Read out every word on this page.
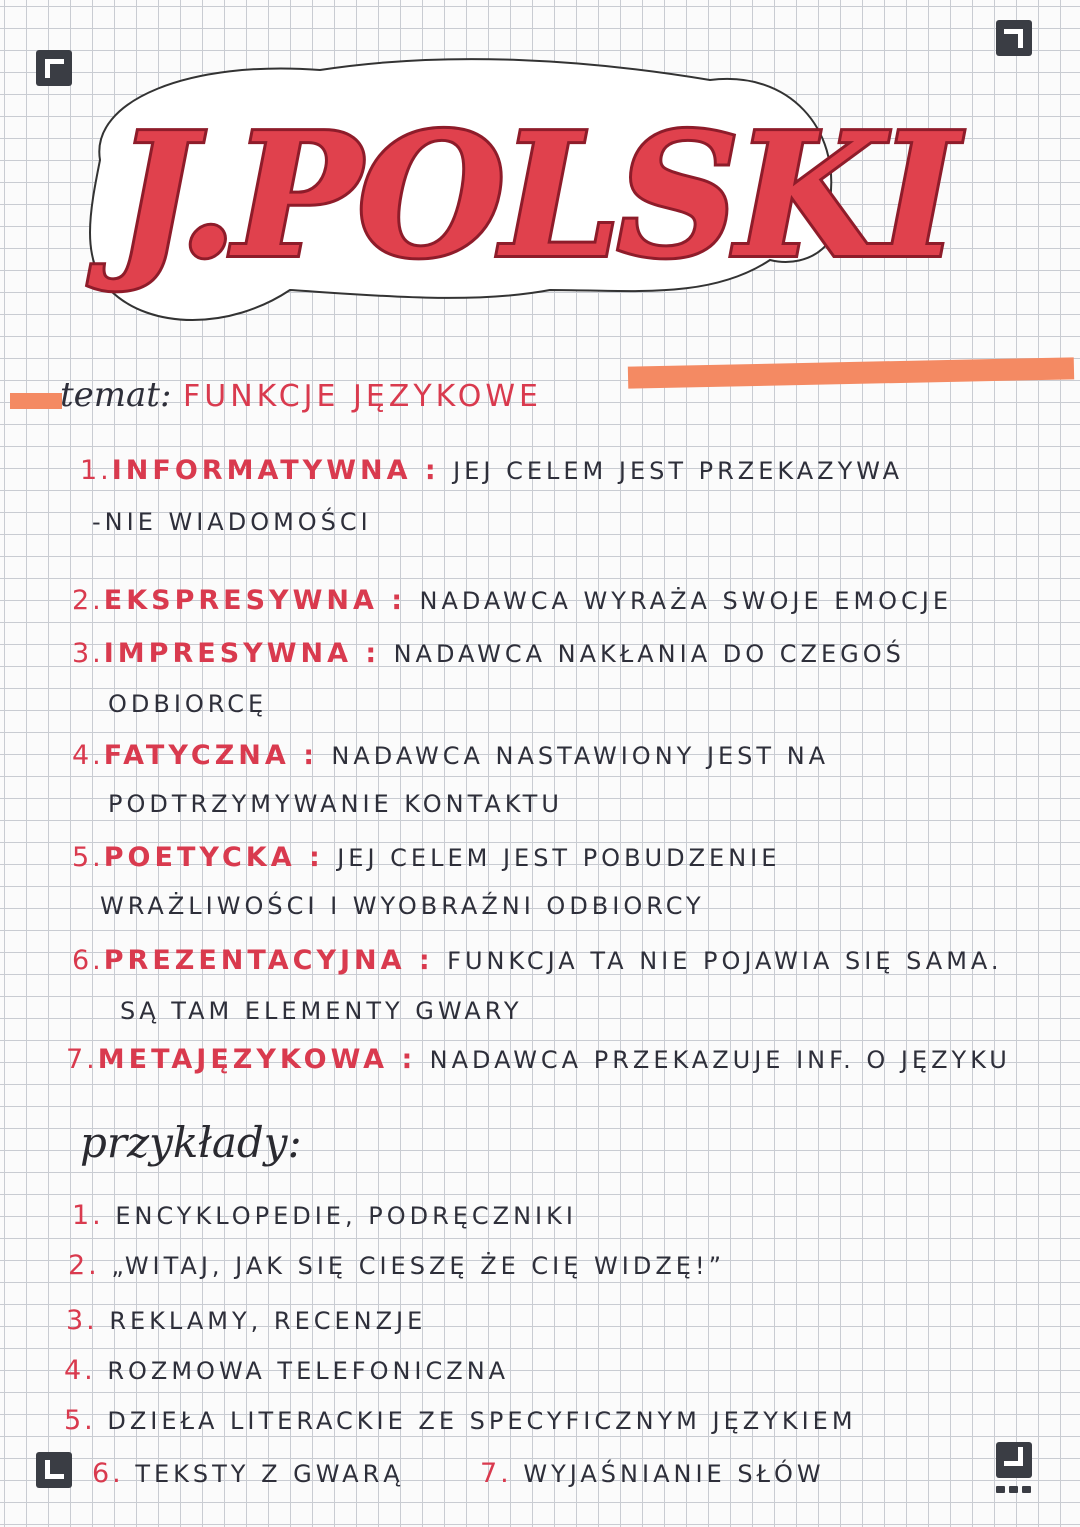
J.POLSKI
temat: FUNKCJE JĘZYKOWE
1.INFORMATYWNA : JEJ CELEM JEST PRZEKAZYWA
-NIE WIADOMOŚCI
2.EKSPRESYWNA : NADAWCA WYRAŻA SWOJE EMOCJE
3.IMPRESYWNA : NADAWCA NAKŁANIA DO CZEGOŚ
ODBIORCĘ
4.FATYCZNA : NADAWCA NASTAWIONY JEST NA
PODTRZYMYWANIE KONTAKTU
5.POETYCKA : JEJ CELEM JEST POBUDZENIE
WRAŻLIWOŚCI I WYOBRAŹNI ODBIORCY
6.PREZENTACYJNA : FUNKCJA TA NIE POJAWIA SIĘ SAMA.
SĄ TAM ELEMENTY GWARY
7.METAJĘZYKOWA : NADAWCA PRZEKAZUJE INF. O JĘZYKU
przykłady:
1. ENCYKLOPEDIE, PODRĘCZNIKI
2. „WITAJ, JAK SIĘ CIESZĘ ŻE CIĘ WIDZĘ!”
3. REKLAMY, RECENZJE
4. ROZMOWA TELEFONICZNA
5. DZIEŁA LITERACKIE ZE SPECYFICZNYM JĘZYKIEM
6. TEKSTY Z GWARĄ	7. WYJAŚNIANIE SŁÓW
